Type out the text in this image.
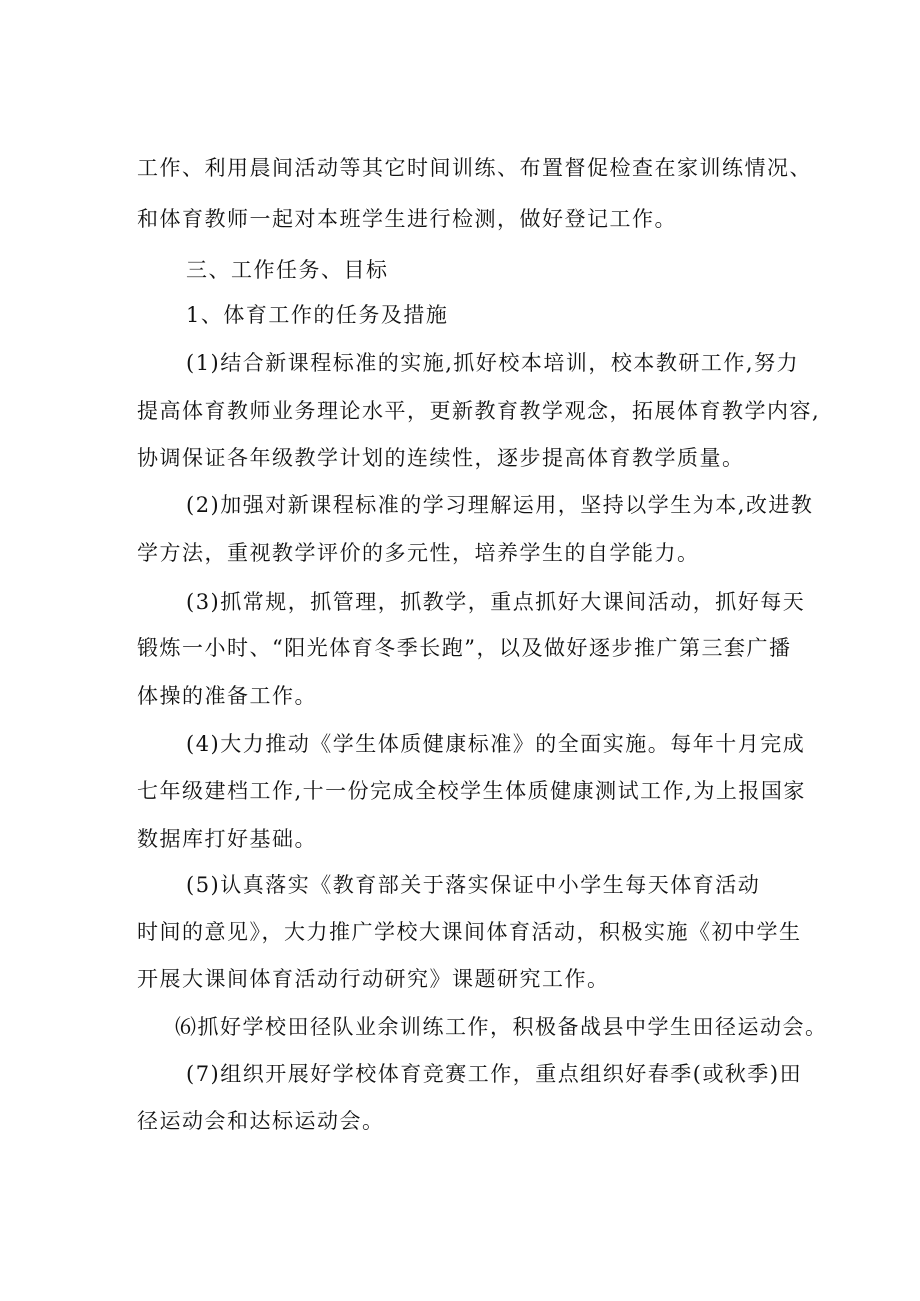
工作、利用晨间活动等其它时间训练、布置督促检查在家训练情况、
和体育教师一起对本班学生进行检测，做好登记工作。
三、工作任务、目标
1、体育工作的任务及措施
(1)结合新课程标准的实施,抓好校本培训，校本教研工作,努力
提高体育教师业务理论水平，更新教育教学观念，拓展体育教学内容,
协调保证各年级教学计划的连续性，逐步提高体育教学质量。
(2)加强对新课程标准的学习理解运用，坚持以学生为本,改进教
学方法，重视教学评价的多元性，培养学生的自学能力。
(3)抓常规，抓管理，抓教学，重点抓好大课间活动，抓好每天
锻炼一小时、“阳光体育冬季长跑”，以及做好逐步推广第三套广播
体操的准备工作。
(4)大力推动《学生体质健康标准》的全面实施。每年十月完成
七年级建档工作,十一份完成全校学生体质健康测试工作,为上报国家
数据库打好基础。
(5)认真落实《教育部关于落实保证中小学生每天体育活动
时间的意见》，大力推广学校大课间体育活动，积极实施《初中学生
开展大课间体育活动行动研究》课题研究工作。
⑹抓好学校田径队业余训练工作，积极备战县中学生田径运动会。
(7)组织开展好学校体育竞赛工作，重点组织好春季(或秋季)田
径运动会和达标运动会。
